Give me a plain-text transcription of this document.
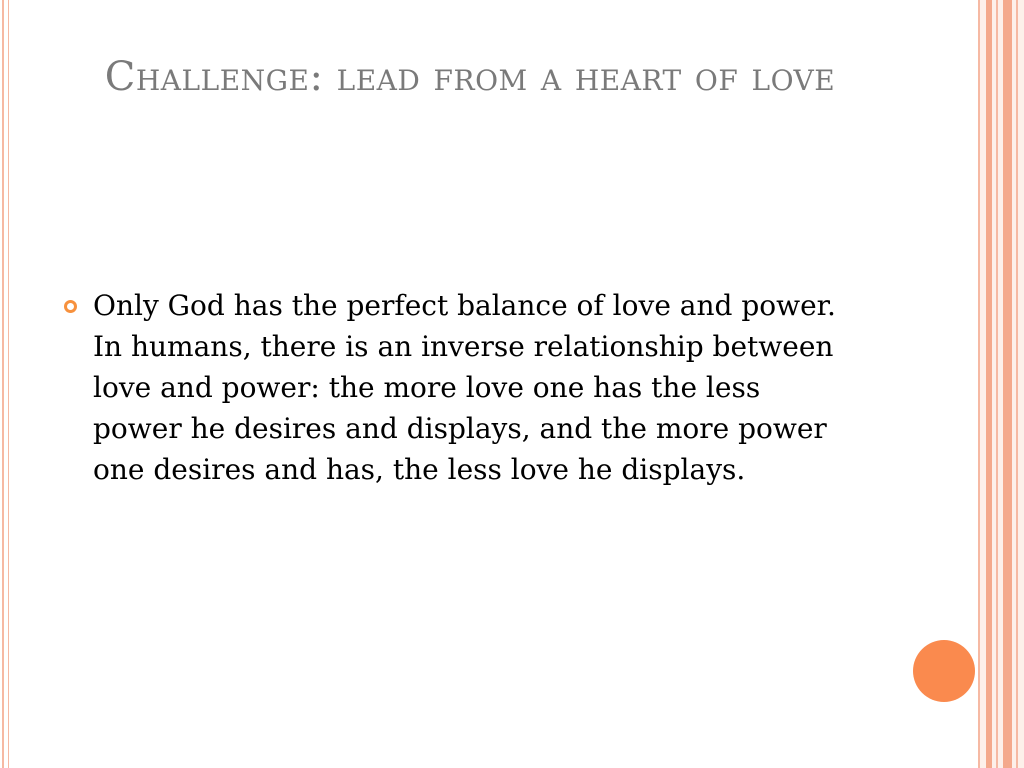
Challenge: lead from a heart of love
Only God has the perfect balance of love and power. In humans, there is an inverse relationship between love and power: the more love one has the less power he desires and displays, and the more power one desires and has, the less love he displays.
